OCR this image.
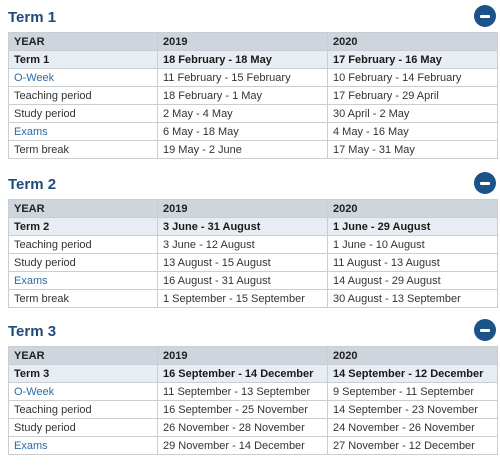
Term 1
YEAR	2019	2020
Term 1	18 February - 18 May	17 February - 16 May
O-Week	11 February - 15 February	10 February - 14 February
Teaching period	18 February - 1 May	17 February - 29 April
Study period	2 May - 4 May	30 April - 2 May
Exams	6 May - 18 May	4 May - 16 May
Term break	19 May - 2 June	17 May - 31 May
Term 2
YEAR	2019	2020
Term 2	3 June - 31 August	1 June - 29 August
Teaching period	3 June - 12 August	1 June - 10 August
Study period	13 August - 15 August	11 August - 13 August
Exams	16 August - 31 August	14 August - 29 August
Term break	1 September - 15 September	30 August - 13 September
Term 3
YEAR	2019	2020
Term 3	16 September - 14 December	14 September - 12 December
O-Week	11 September - 13 September	9 September - 11 September
Teaching period	16 September - 25 November	14 September - 23 November
Study period	26 November - 28 November	24 November - 26 November
Exams	29 November - 14 December	27 November - 12 December
